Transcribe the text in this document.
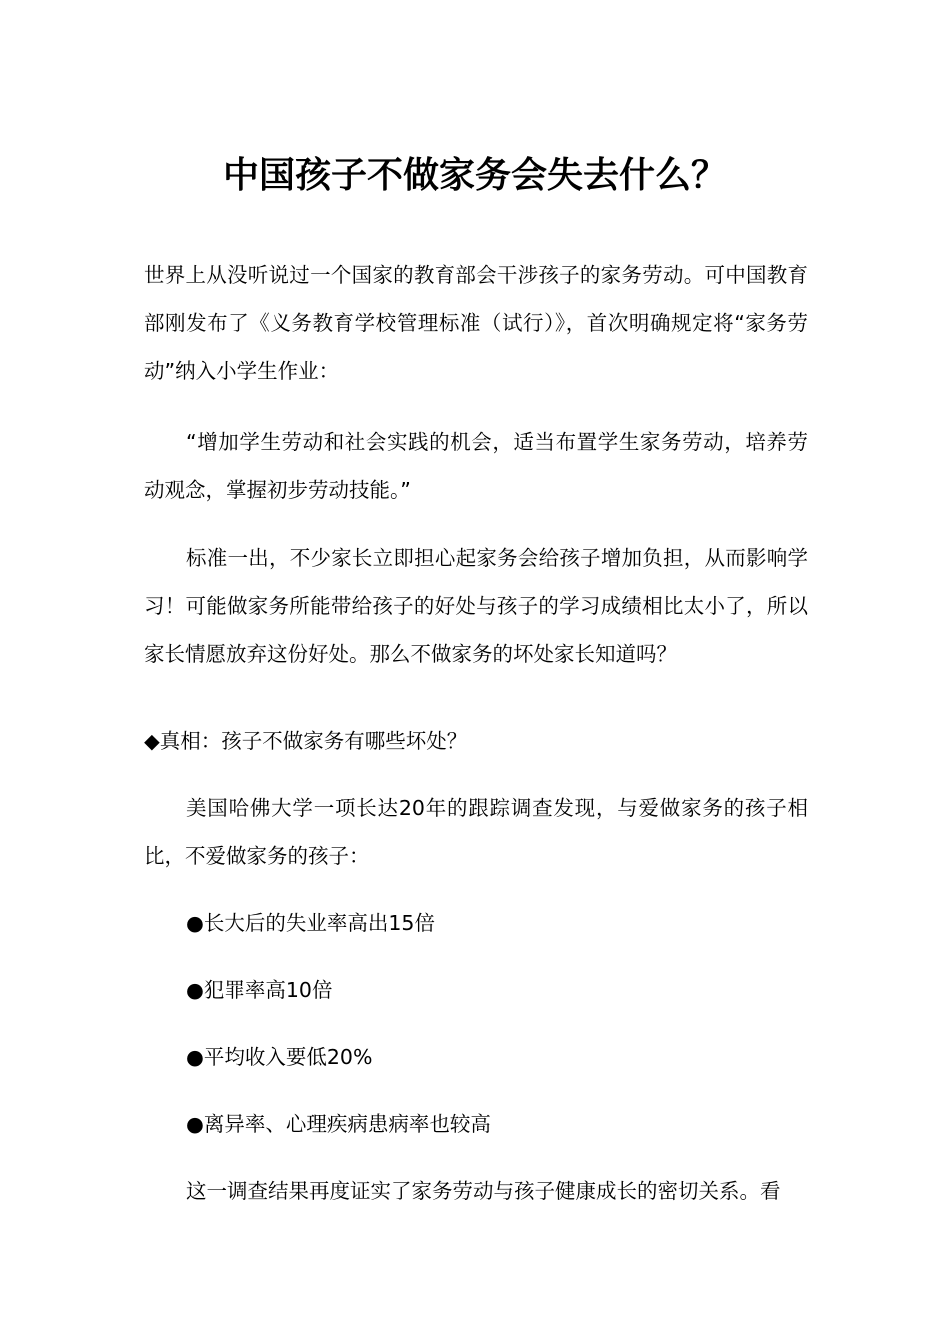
中国孩子不做家务会失去什么？

世界上从没听说过一个国家的教育部会干涉孩子的家务劳动。可中国教育部刚发布了《义务教育学校管理标准（试行）》，首次明确规定将“家务劳动”纳入小学生作业：

“增加学生劳动和社会实践的机会，适当布置学生家务劳动，培养劳动观念，掌握初步劳动技能。”

标准一出，不少家长立即担心起家务会给孩子增加负担，从而影响学习！可能做家务所能带给孩子的好处与孩子的学习成绩相比太小了，所以家长情愿放弃这份好处。那么不做家务的坏处家长知道吗？

◆真相：孩子不做家务有哪些坏处？

美国哈佛大学一项长达20年的跟踪调查发现，与爱做家务的孩子相比，不爱做家务的孩子：

●长大后的失业率高出15倍

●犯罪率高10倍

●平均收入要低20%

●离异率、心理疾病患病率也较高

这一调查结果再度证实了家务劳动与孩子健康成长的密切关系。看
